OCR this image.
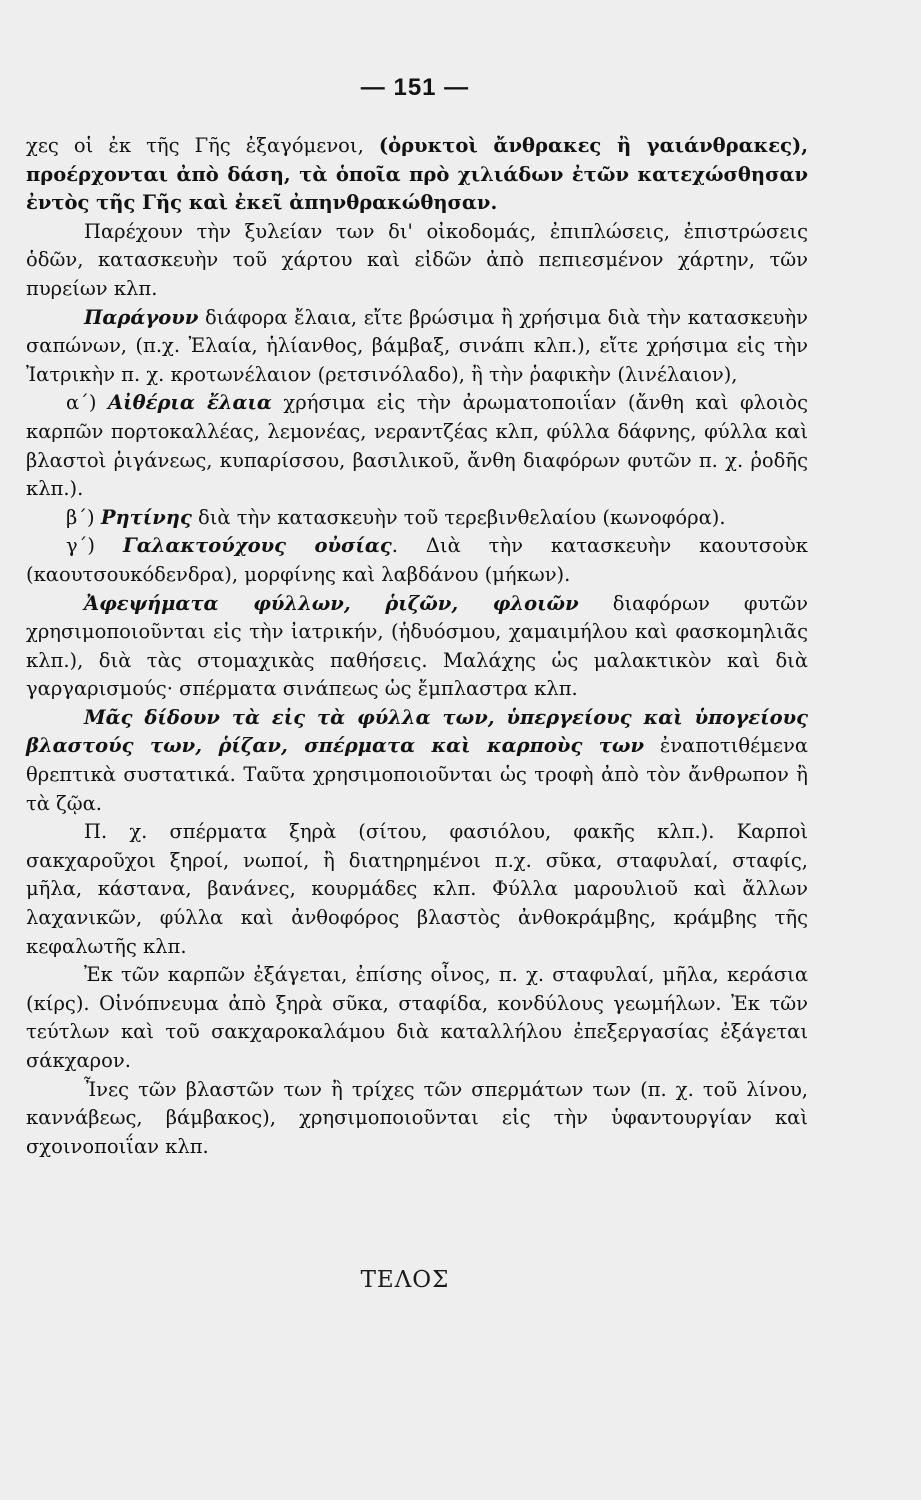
— 151 —

χες οἱ ἐκ τῆς Γῆς ἐξαγόμενοι, (ὀρυκτοὶ ἄνθρακες ἢ γαιάνθρακες), προέρχονται ἀπὸ δάση, τὰ ὁποῖα πρὸ χιλιάδων ἐτῶν κατεχώσθησαν ἐντὸς τῆς Γῆς καὶ ἐκεῖ ἀπηνθρακώθησαν.

Παρέχουν τὴν ξυλείαν των δι' οἰκοδομάς, ἐπιπλώσεις, ἐπιστρώσεις ὁδῶν, κατασκευὴν τοῦ χάρτου καὶ εἰδῶν ἀπὸ πεπιεσμένον χάρτην, τῶν πυρείων κλπ.

Παράγουν διάφορα ἔλαια, εἴτε βρώσιμα ἢ χρήσιμα διὰ τὴν κατασκευὴν σαπώνων, (π.χ. Ἐλαία, ἡλίανθος, βάμβαξ, σινάπι κλπ.), εἴτε χρήσιμα εἰς τὴν Ἰατρικὴν π. χ. κροτωνέλαιον (ρετσινόλαδο), ἢ τὴν ῥαφικὴν (λινέλαιον),

α΄) Αἰθέρια ἔλαια χρήσιμα εἰς τὴν ἀρωματοποιΐαν (ἄνθη καὶ φλοιὸς καρπῶν πορτοκαλλέας, λεμονέας, νεραντζέας κλπ, φύλλα δάφνης, φύλλα καὶ βλαστοὶ ῥιγάνεως, κυπαρίσσου, βασιλικοῦ, ἄνθη διαφόρων φυτῶν π. χ. ῥοδῆς κλπ.).

β΄) Ρητίνης διὰ τὴν κατασκευὴν τοῦ τερεβινθελαίου (κωνοφόρα).

γ΄) Γαλακτούχους οὐσίας. Διὰ τὴν κατασκευὴν καουτσοὺκ (καουτσουκόδενδρα), μορφίνης καὶ λαβδάνου (μήκων).

Ἀφεψήματα φύλλων, ῥιζῶν, φλοιῶν διαφόρων φυτῶν χρησιμοποιοῦνται εἰς τὴν ἰατρικήν, (ἡδυόσμου, χαμαιμήλου καὶ φασκομηλιᾶς κλπ.), διὰ τὰς στομαχικὰς παθήσεις. Μαλάχης ὡς μαλακτικὸν καὶ διὰ γαργαρισμούς· σπέρματα σινάπεως ὡς ἔμπλαστρα κλπ.

Μᾶς δίδουν τὰ εἰς τὰ φύλλα των, ὑπεργείους καὶ ὑπογείους βλαστούς των, ῥίζαν, σπέρματα καὶ καρποὺς των ἐναποτιθέμενα θρεπτικὰ συστατικά. Ταῦτα χρησιμοποιοῦνται ὡς τροφὴ ἀπὸ τὸν ἄνθρωπον ἢ τὰ ζῷα.

Π. χ. σπέρματα ξηρὰ (σίτου, φασιόλου, φακῆς κλπ.). Καρποὶ σακχαροῦχοι ξηροί, νωποί, ἢ διατηρημένοι π.χ. σῦκα, σταφυλαί, σταφίς, μῆλα, κάστανα, βανάνες, κουρμάδες κλπ. Φύλλα μαρουλιοῦ καὶ ἄλλων λαχανικῶν, φύλλα καὶ ἀνθοφόρος βλαστὸς ἀνθοκράμβης, κράμβης τῆς κεφαλωτῆς κλπ.

Ἐκ τῶν καρπῶν ἐξάγεται, ἐπίσης οἶνος, π. χ. σταφυλαί, μῆλα, κεράσια (κίρς). Οἰνόπνευμα ἀπὸ ξηρὰ σῦκα, σταφίδα, κονδύλους γεωμήλων. Ἐκ τῶν τεύτλων καὶ τοῦ σακχαροκαλάμου διὰ καταλλήλου ἐπεξεργασίας ἐξάγεται σάκχαρον.

Ἶνες τῶν βλαστῶν των ἢ τρίχες τῶν σπερμάτων των (π. χ. τοῦ λίνου, καννάβεως, βάμβακος), χρησιμοποιοῦνται εἰς τὴν ὑφαντουργίαν καὶ σχοινοποιΐαν κλπ.

ΤΕΛΟΣ
